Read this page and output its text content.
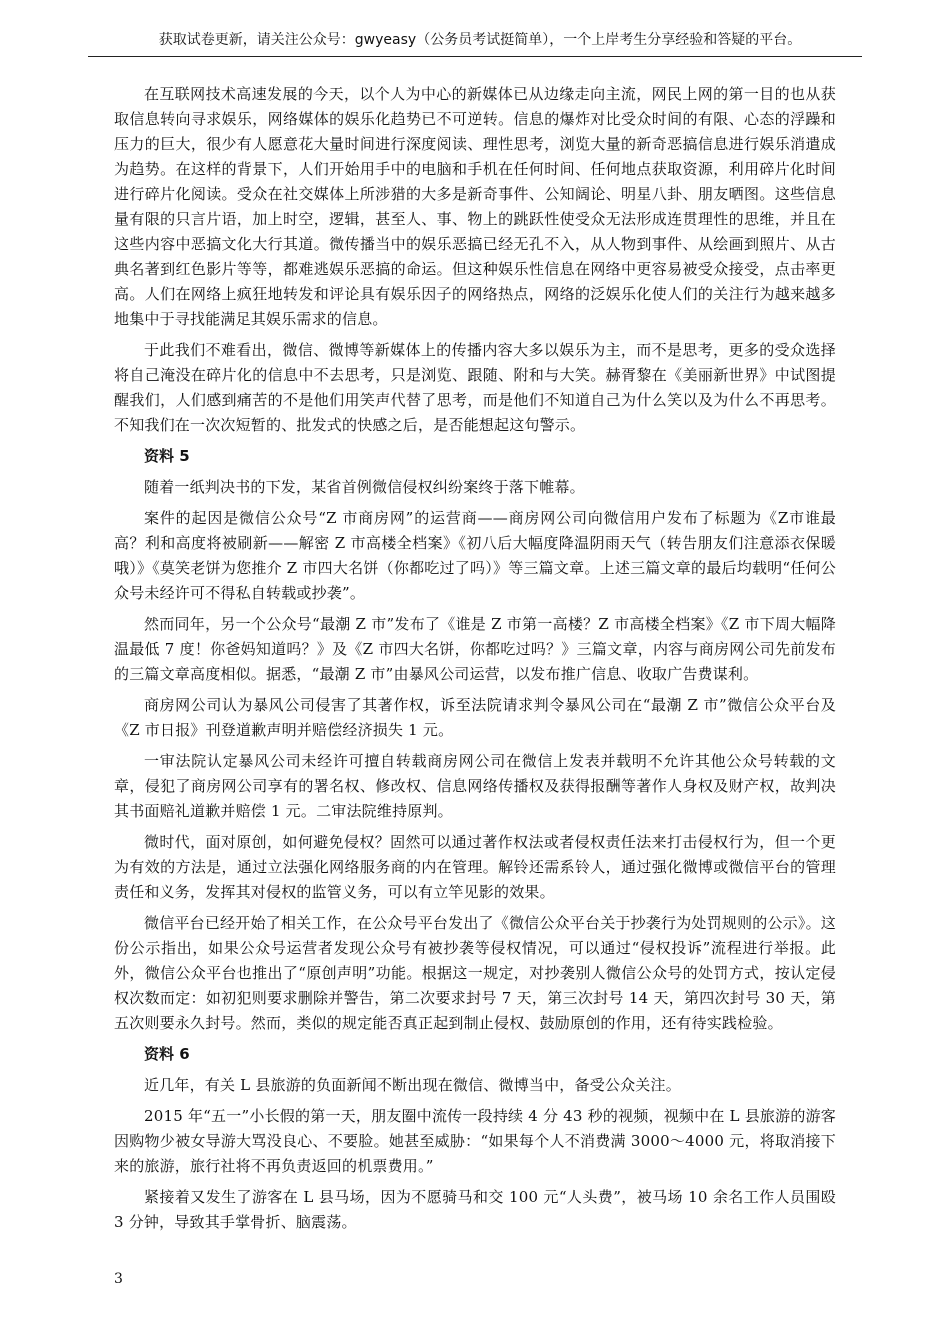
获取试卷更新，请关注公众号：gwyeasy（公务员考试挺简单），一个上岸考生分享经验和答疑的平台。

在互联网技术高速发展的今天，以个人为中心的新媒体已从边缘走向主流，网民上网的第一目的也从获取信息转向寻求娱乐，网络媒体的娱乐化趋势已不可逆转。信息的爆炸对比受众时间的有限、心态的浮躁和压力的巨大，很少有人愿意花大量时间进行深度阅读、理性思考，浏览大量的新奇恶搞信息进行娱乐消遣成为趋势。在这样的背景下，人们开始用手中的电脑和手机在任何时间、任何地点获取资源，利用碎片化时间进行碎片化阅读。受众在社交媒体上所涉猎的大多是新奇事件、公知阔论、明星八卦、朋友晒图。这些信息量有限的只言片语，加上时空，逻辑，甚至人、事、物上的跳跃性使受众无法形成连贯理性的思维，并且在这些内容中恶搞文化大行其道。微传播当中的娱乐恶搞已经无孔不入，从人物到事件、从绘画到照片、从古典名著到红色影片等等，都难逃娱乐恶搞的命运。但这种娱乐性信息在网络中更容易被受众接受，点击率更高。人们在网络上疯狂地转发和评论具有娱乐因子的网络热点，网络的泛娱乐化使人们的关注行为越来越多地集中于寻找能满足其娱乐需求的信息。

于此我们不难看出，微信、微博等新媒体上的传播内容大多以娱乐为主，而不是思考，更多的受众选择将自己淹没在碎片化的信息中不去思考，只是浏览、跟随、附和与大笑。赫胥黎在《美丽新世界》中试图提醒我们，人们感到痛苦的不是他们用笑声代替了思考，而是他们不知道自己为什么笑以及为什么不再思考。不知我们在一次次短暂的、批发式的快感之后，是否能想起这句警示。

资料 5

随着一纸判决书的下发，某省首例微信侵权纠纷案终于落下帷幕。

案件的起因是微信公众号“Z 市商房网”的运营商——商房网公司向微信用户发布了标题为《Z市谁最高？利和高度将被刷新——解密 Z 市高楼全档案》《初八后大幅度降温阴雨天气（转告朋友们注意添衣保暖哦）》《莫笑老饼为您推介 Z 市四大名饼（你都吃过了吗）》等三篇文章。上述三篇文章的最后均载明“任何公众号未经许可不得私自转载或抄袭”。

然而同年，另一个公众号“最潮 Z 市”发布了《谁是 Z 市第一高楼？Z 市高楼全档案》《Z 市下周大幅降温最低 7 度！你爸妈知道吗？》及《Z 市四大名饼，你都吃过吗？》三篇文章，内容与商房网公司先前发布的三篇文章高度相似。据悉，“最潮 Z 市”由暴风公司运营，以发布推广信息、收取广告费谋利。

商房网公司认为暴风公司侵害了其著作权，诉至法院请求判令暴风公司在“最潮 Z 市”微信公众平台及《Z 市日报》刊登道歉声明并赔偿经济损失 1 元。

一审法院认定暴风公司未经许可擅自转载商房网公司在微信上发表并载明不允许其他公众号转载的文章，侵犯了商房网公司享有的署名权、修改权、信息网络传播权及获得报酬等著作人身权及财产权，故判决其书面赔礼道歉并赔偿 1 元。二审法院维持原判。

微时代，面对原创，如何避免侵权？固然可以通过著作权法或者侵权责任法来打击侵权行为，但一个更为有效的方法是，通过立法强化网络服务商的内在管理。解铃还需系铃人，通过强化微博或微信平台的管理责任和义务，发挥其对侵权的监管义务，可以有立竿见影的效果。

微信平台已经开始了相关工作，在公众号平台发出了《微信公众平台关于抄袭行为处罚规则的公示》。这份公示指出，如果公众号运营者发现公众号有被抄袭等侵权情况，可以通过“侵权投诉”流程进行举报。此外，微信公众平台也推出了“原创声明”功能。根据这一规定，对抄袭别人微信公众号的处罚方式，按认定侵权次数而定：如初犯则要求删除并警告，第二次要求封号 7 天，第三次封号 14 天，第四次封号 30 天，第五次则要永久封号。然而，类似的规定能否真正起到制止侵权、鼓励原创的作用，还有待实践检验。

资料 6

近几年，有关 L 县旅游的负面新闻不断出现在微信、微博当中，备受公众关注。

2015 年“五一”小长假的第一天，朋友圈中流传一段持续 4 分 43 秒的视频，视频中在 L 县旅游的游客因购物少被女导游大骂没良心、不要脸。她甚至威胁：“如果每个人不消费满 3000～4000 元，将取消接下来的旅游，旅行社将不再负责返回的机票费用。”

紧接着又发生了游客在 L 县马场，因为不愿骑马和交 100 元“人头费”，被马场 10 余名工作人员围殴 3 分钟，导致其手掌骨折、脑震荡。

3
